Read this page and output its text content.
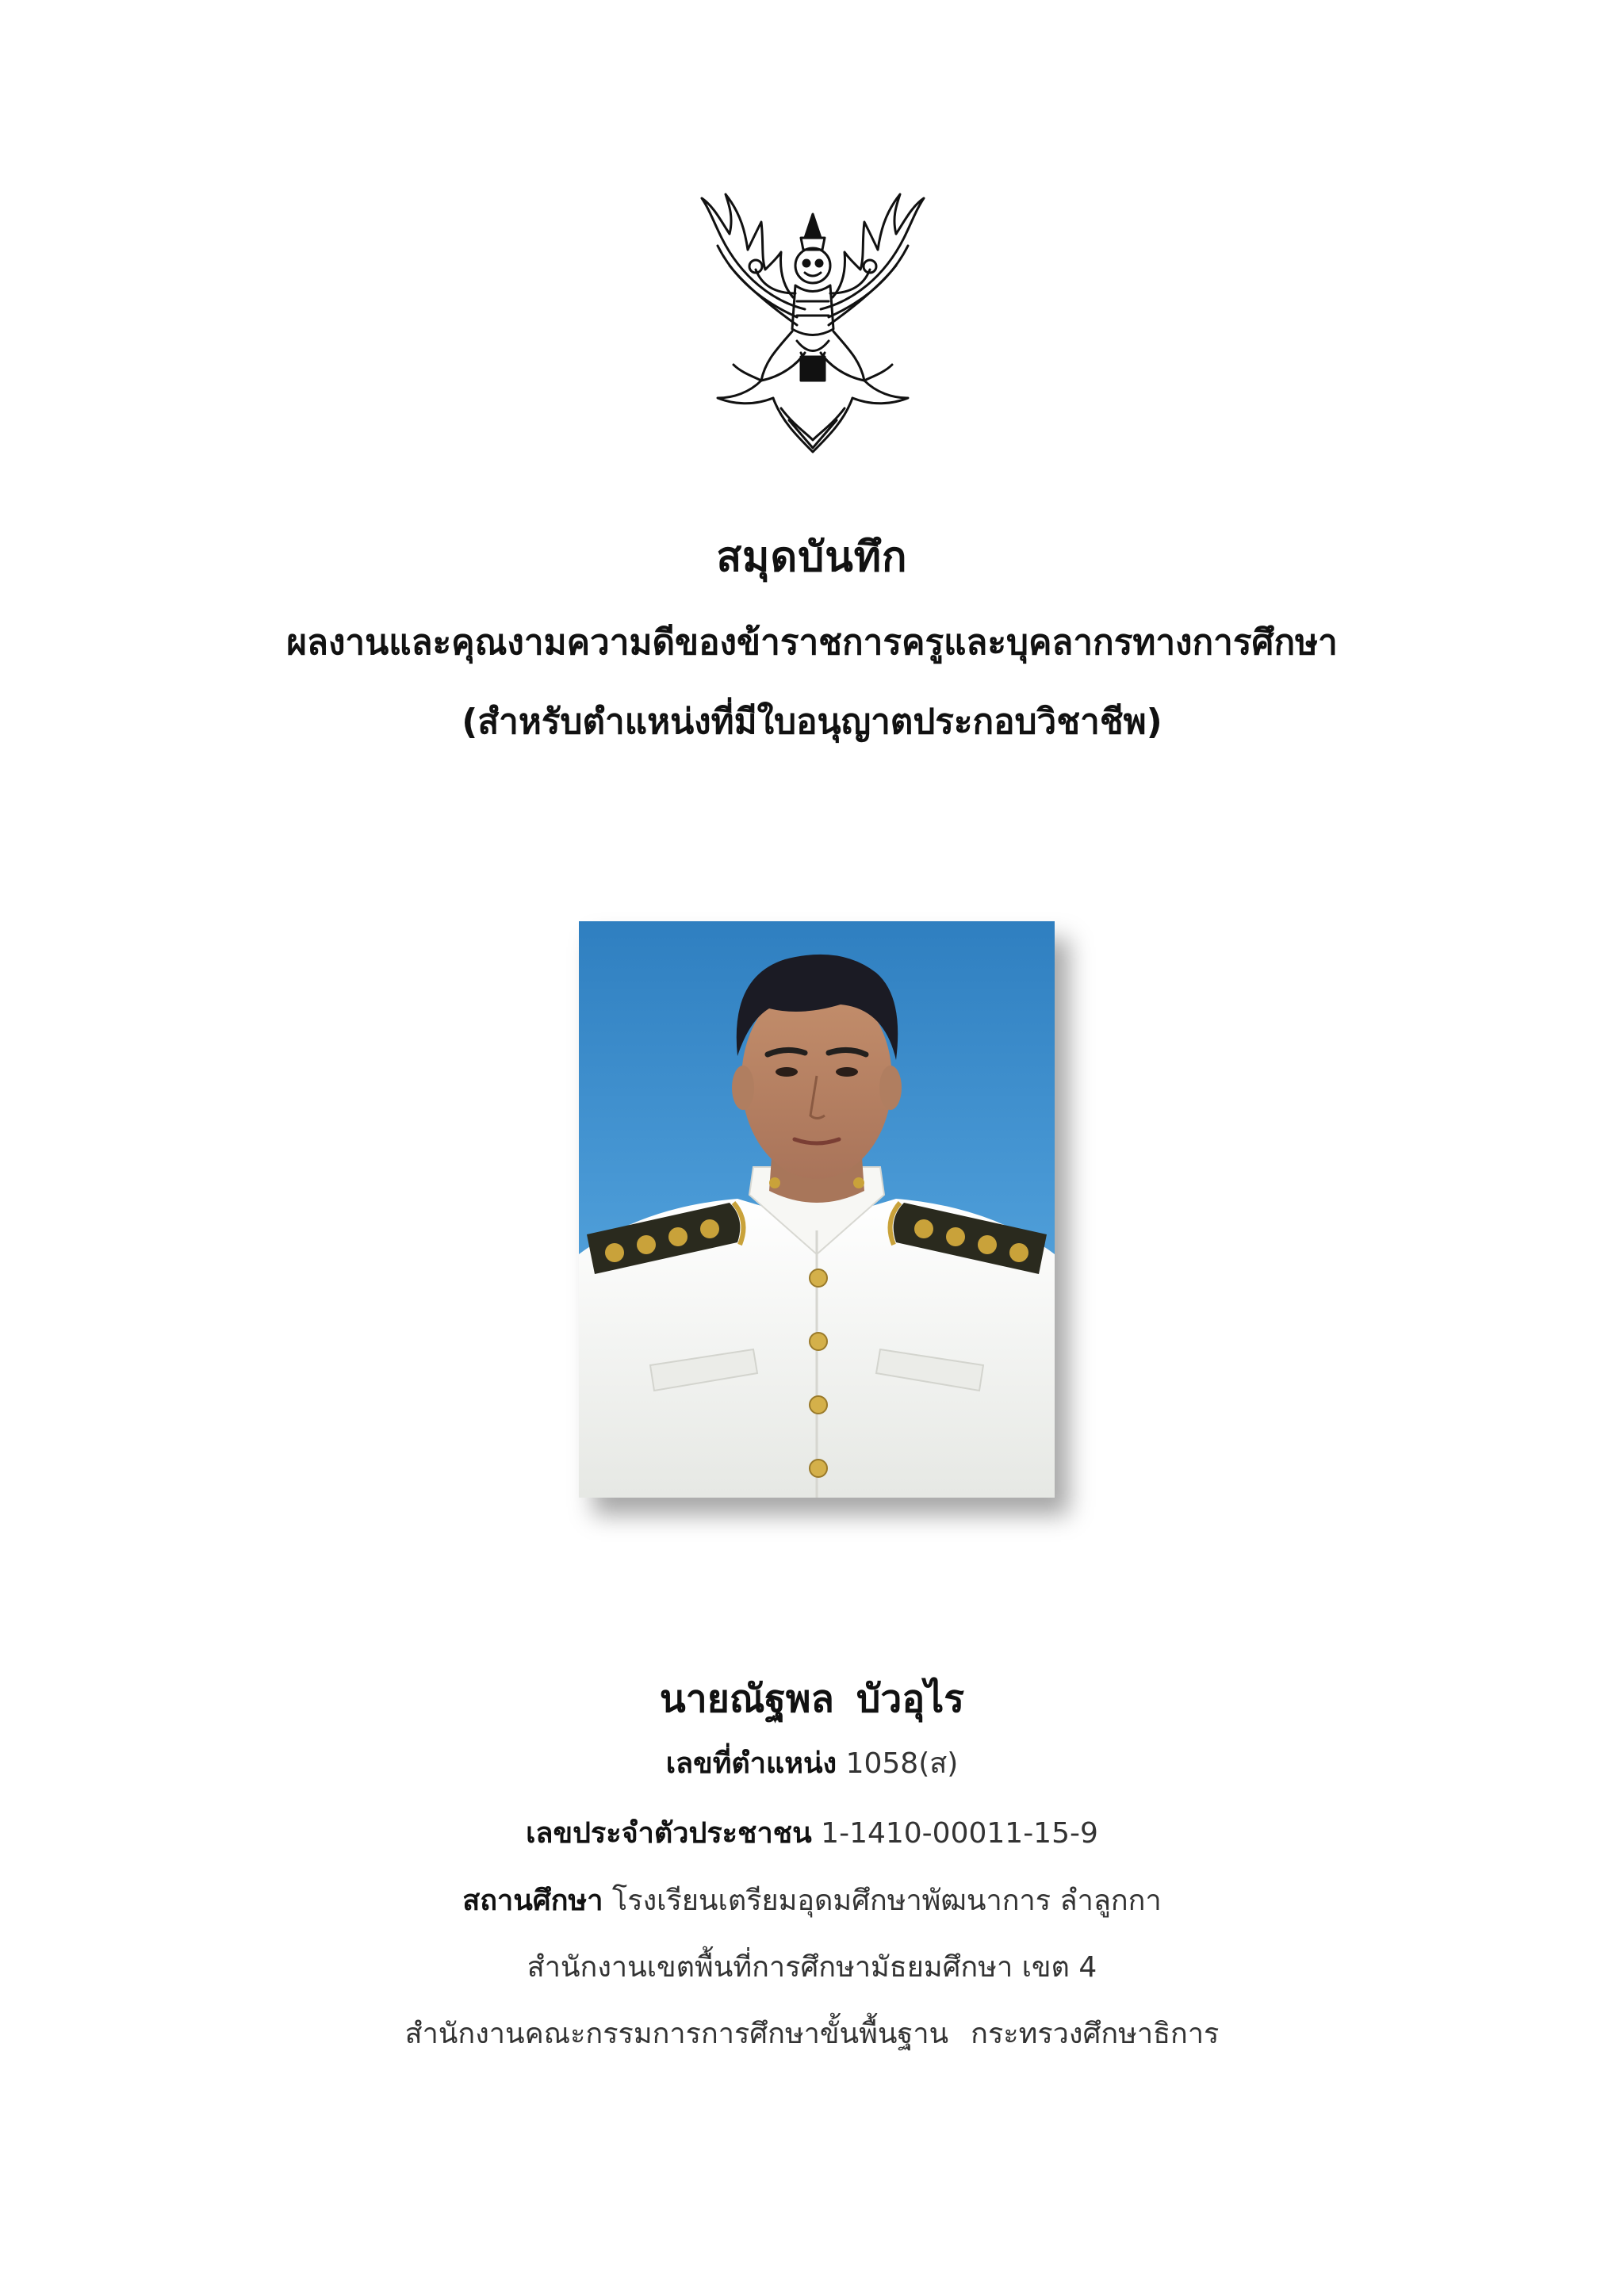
สมุดบันทึก
ผลงานและคุณงามความดีของข้าราชการครูและบุคลากรทางการศึกษา
(สำหรับตำแหน่งที่มีใบอนุญาตประกอบวิชาชีพ)
นายณัฐพล บัวอุไร
เลขที่ตำแหน่ง 1058(ส)
เลขประจำตัวประชาชน 1-1410-00011-15-9
สถานศึกษา โรงเรียนเตรียมอุดมศึกษาพัฒนาการ ลำลูกกา
สำนักงานเขตพื้นที่การศึกษามัธยมศึกษา เขต 4
สำนักงานคณะกรรมการการศึกษาขั้นพื้นฐาน กระทรวงศึกษาธิการ
